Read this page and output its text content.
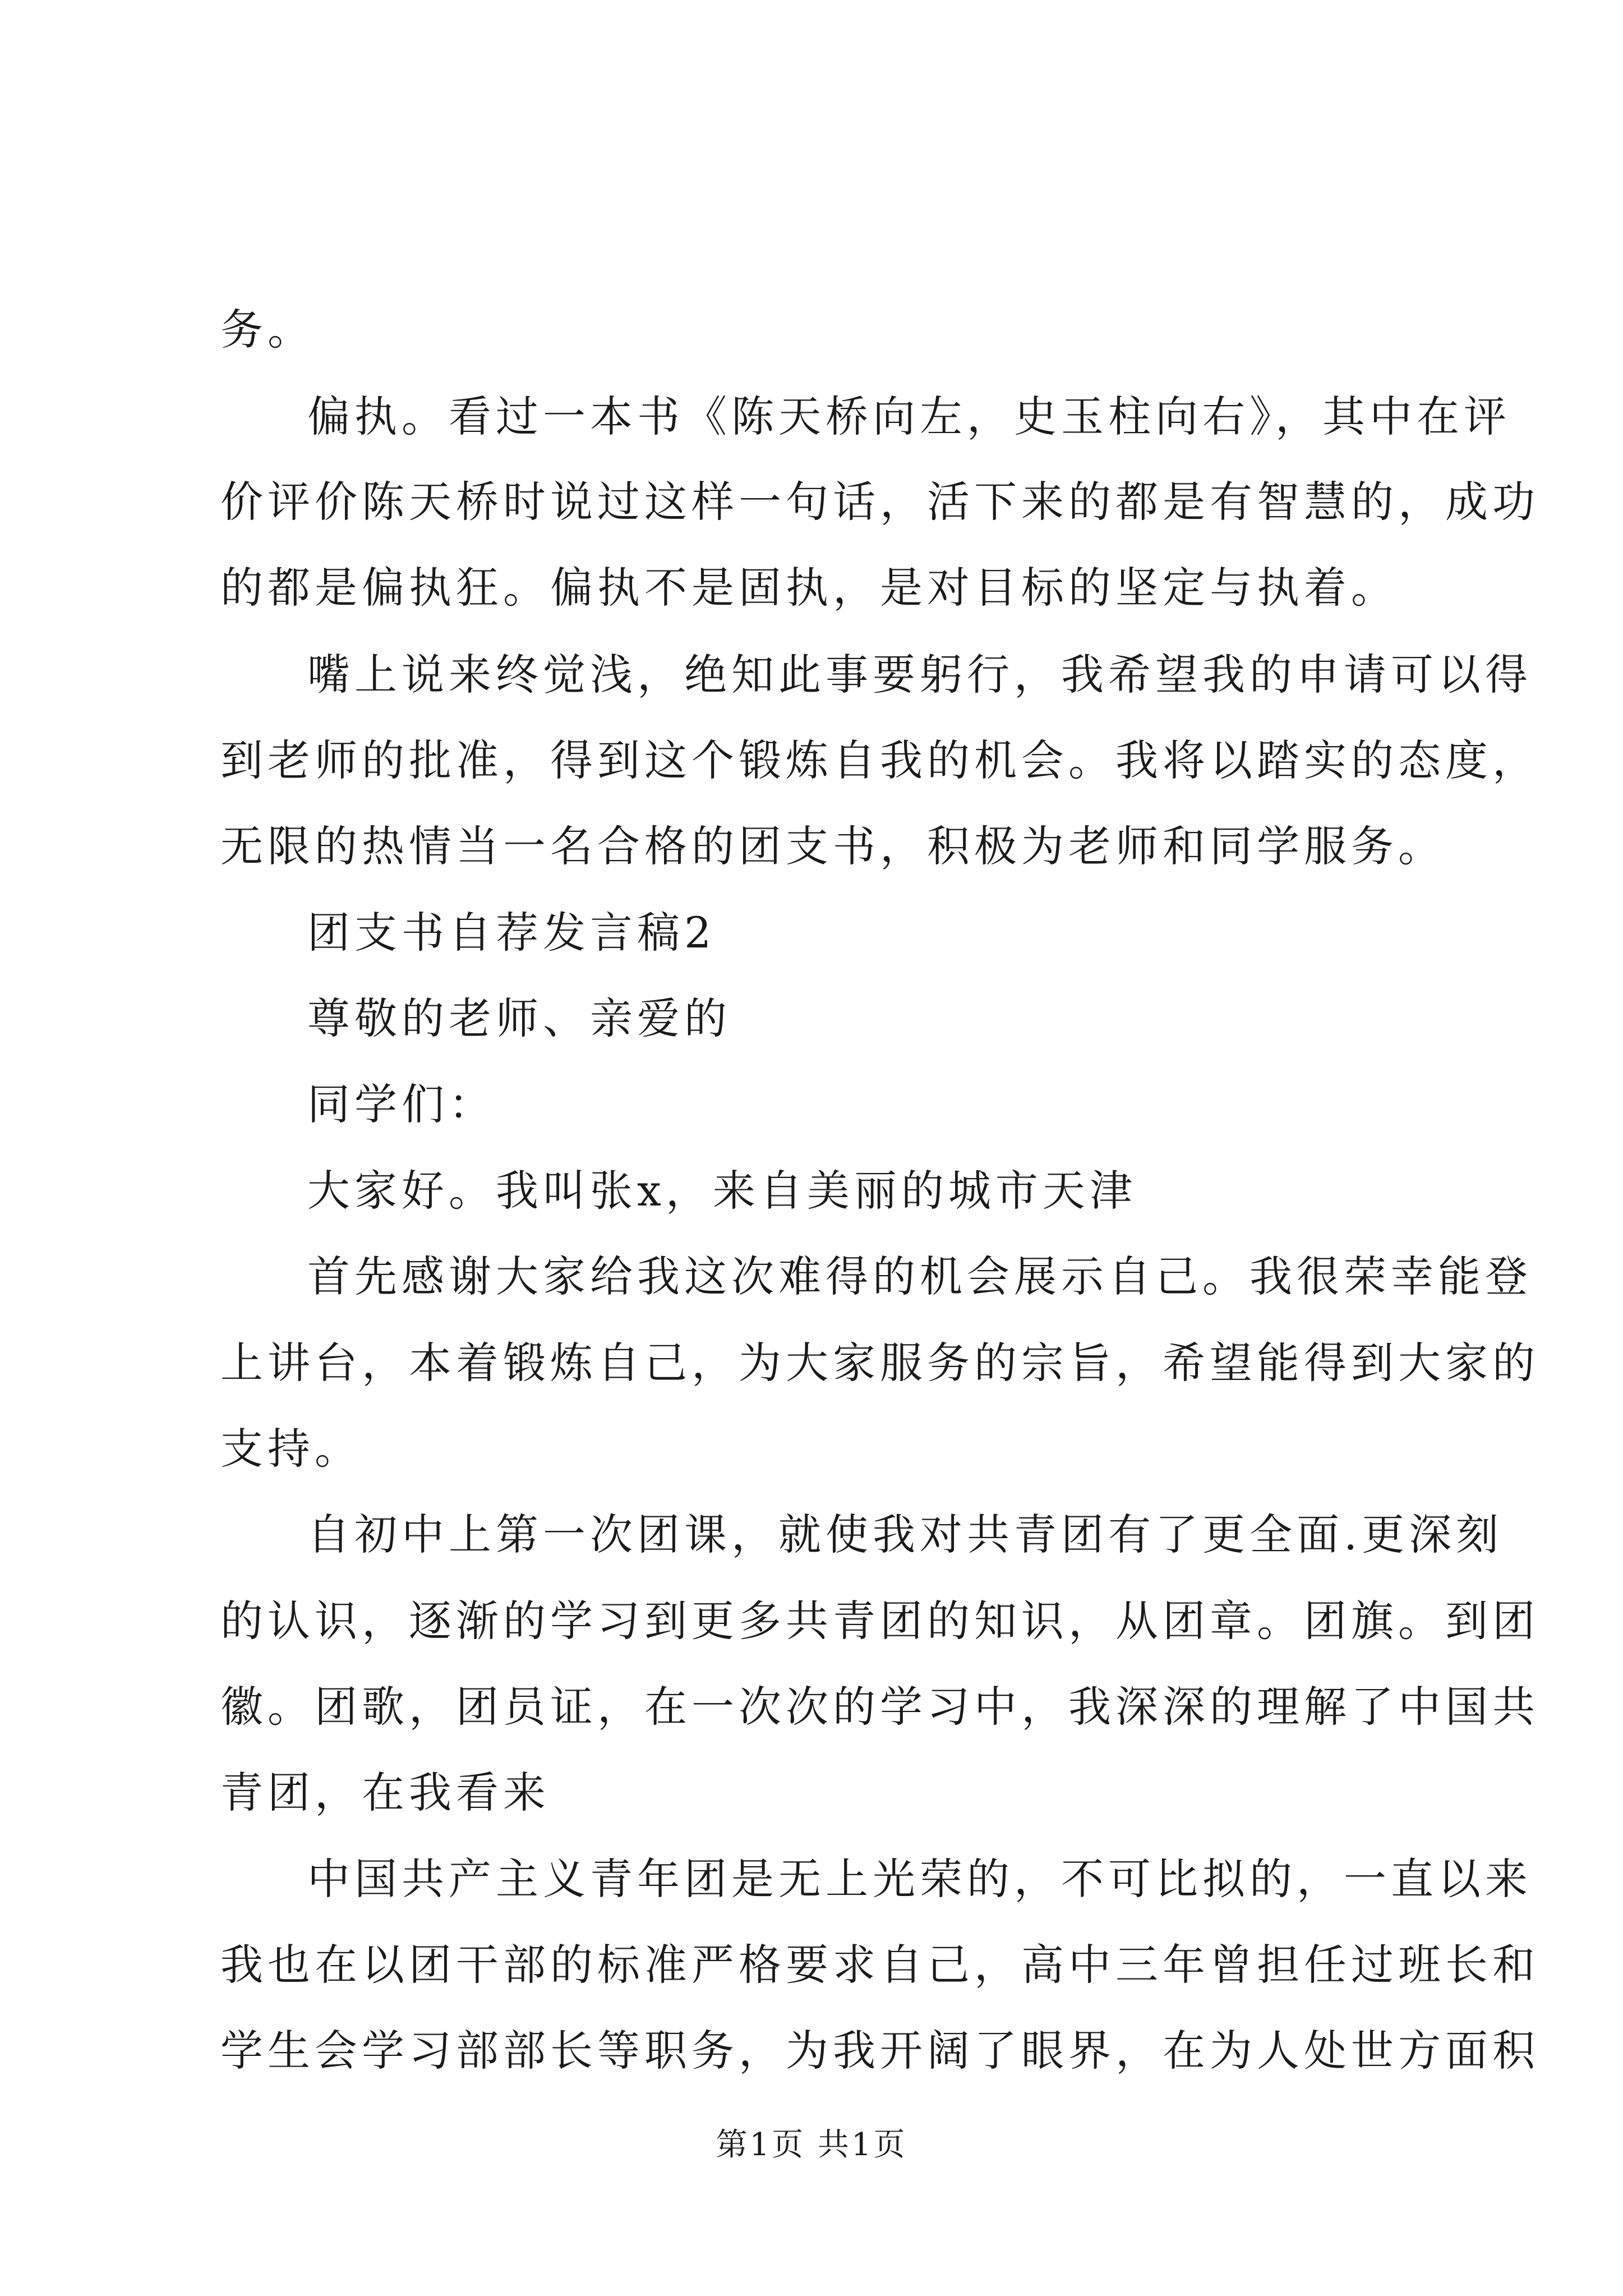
务。
偏执。看过一本书《陈天桥向左，史玉柱向右》，其中在评
价评价陈天桥时说过这样一句话，活下来的都是有智慧的，成功
的都是偏执狂。偏执不是固执，是对目标的坚定与执着。
嘴上说来终觉浅，绝知此事要躬行，我希望我的申请可以得
到老师的批准，得到这个锻炼自我的机会。我将以踏实的态度，
无限的热情当一名合格的团支书，积极为老师和同学服务。
团支书自荐发言稿2
尊敬的老师、亲爱的
同学们：
大家好。我叫张x，来自美丽的城市天津
首先感谢大家给我这次难得的机会展示自己。我很荣幸能登
上讲台，本着锻炼自己，为大家服务的宗旨，希望能得到大家的
支持。
自初中上第一次团课，就使我对共青团有了更全面.更深刻
的认识，逐渐的学习到更多共青团的知识，从团章。团旗。到团
徽。团歌，团员证，在一次次的学习中，我深深的理解了中国共
青团，在我看来
中国共产主义青年团是无上光荣的，不可比拟的，一直以来
我也在以团干部的标准严格要求自己，高中三年曾担任过班长和
学生会学习部部长等职务，为我开阔了眼界，在为人处世方面积
第1页 共1页
